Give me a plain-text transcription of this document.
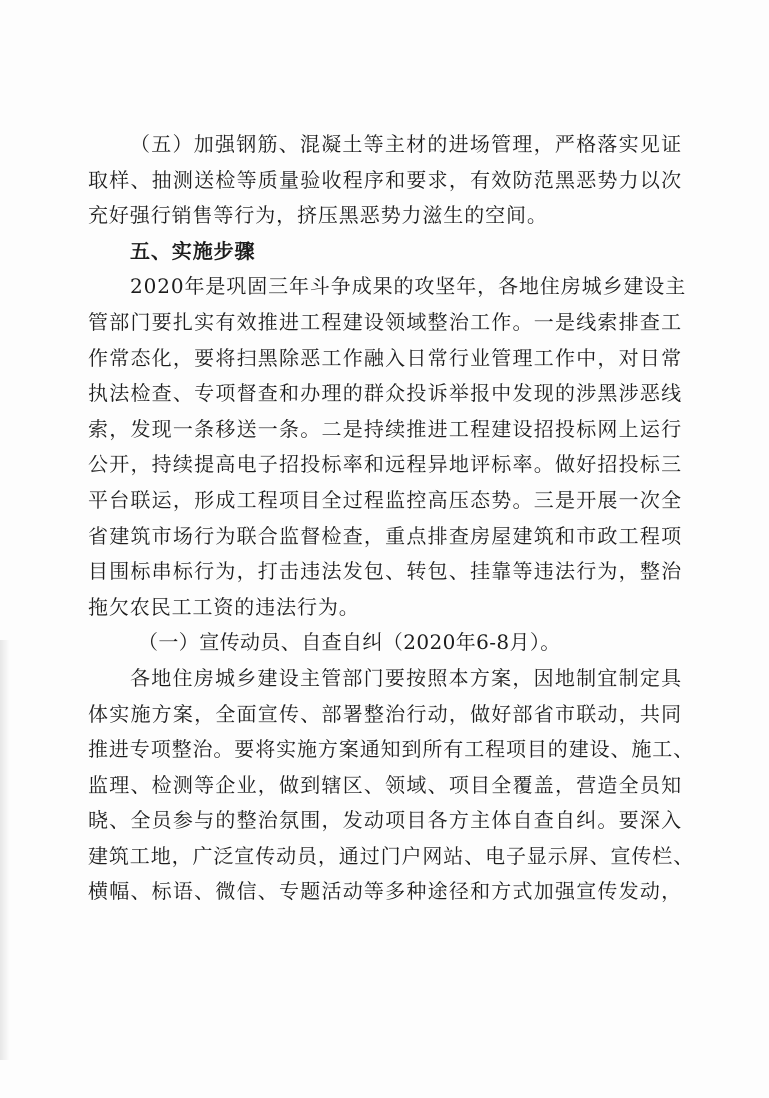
（五）加强钢筋、混凝土等主材的进场管理，严格落实见证
取样、抽测送检等质量验收程序和要求，有效防范黑恶势力以次
充好强行销售等行为，挤压黑恶势力滋生的空间。
五、实施步骤
2020年是巩固三年斗争成果的攻坚年，各地住房城乡建设主
管部门要扎实有效推进工程建设领域整治工作。一是线索排查工
作常态化，要将扫黑除恶工作融入日常行业管理工作中，对日常
执法检查、专项督查和办理的群众投诉举报中发现的涉黑涉恶线
索，发现一条移送一条。二是持续推进工程建设招投标网上运行
公开，持续提高电子招投标率和远程异地评标率。做好招投标三
平台联运，形成工程项目全过程监控高压态势。三是开展一次全
省建筑市场行为联合监督检查，重点排查房屋建筑和市政工程项
目围标串标行为，打击违法发包、转包、挂靠等违法行为，整治
拖欠农民工工资的违法行为。
（一）宣传动员、自查自纠（2020年6-8月）。
各地住房城乡建设主管部门要按照本方案，因地制宜制定具
体实施方案，全面宣传、部署整治行动，做好部省市联动，共同
推进专项整治。要将实施方案通知到所有工程项目的建设、施工、
监理、检测等企业，做到辖区、领域、项目全覆盖，营造全员知
晓、全员参与的整治氛围，发动项目各方主体自查自纠。要深入
建筑工地，广泛宣传动员，通过门户网站、电子显示屏、宣传栏、
横幅、标语、微信、专题活动等多种途径和方式加强宣传发动，
